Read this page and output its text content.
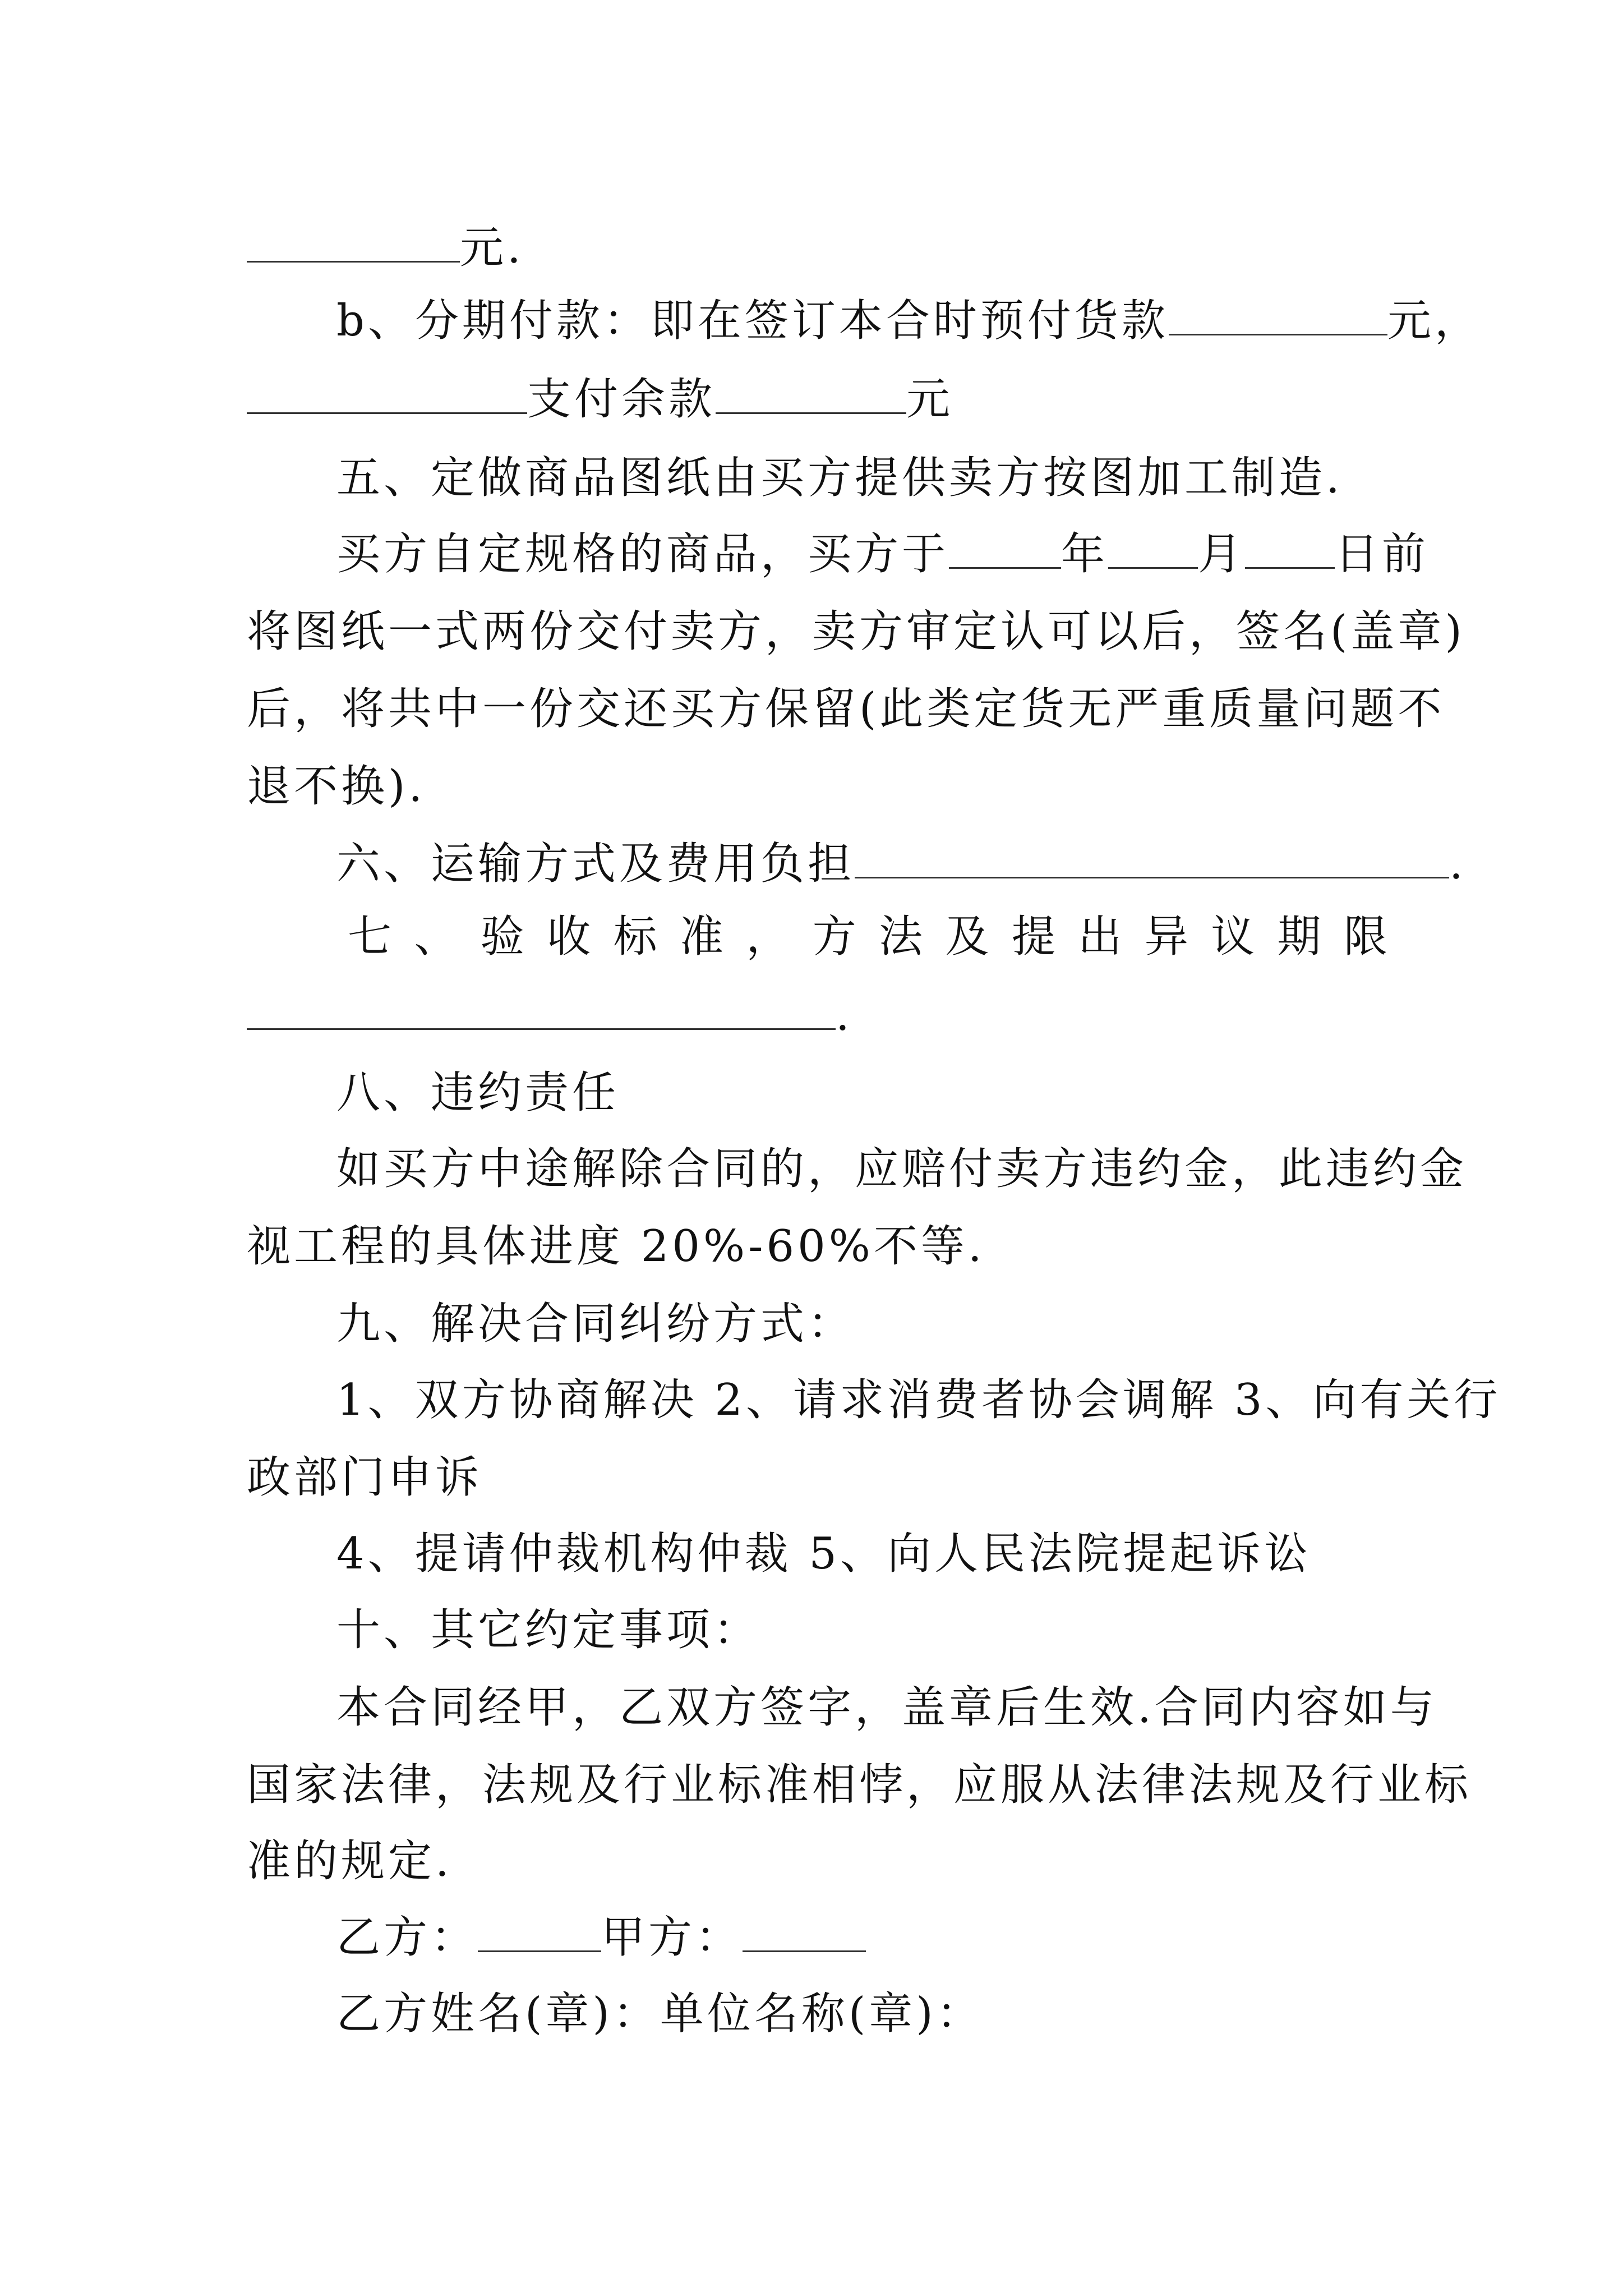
元.
b、分期付款：即在签订本合时预付货款	元，
支付余款	元
五、定做商品图纸由买方提供卖方按图加工制造.
买方自定规格的商品，买方于	年 月 日前
将图纸一式两份交付卖方，卖方审定认可以后，签名(盖章)
后，将共中一份交还买方保留(此类定货无严重质量问题不
退不换).
六、运输方式及费用负担	.
七 、 验 收 标 准 ， 方 法 及 提 出 异 议 期 限
.
八、违约责任
如买方中途解除合同的，应赔付卖方违约金，此违约金
视工程的具体进度 20%-60%不等.
九、解决合同纠纷方式：
1、双方协商解决 2、请求消费者协会调解 3、向有关行
政部门申诉
4、提请仲裁机构仲裁 5、向人民法院提起诉讼
十、其它约定事项：
本合同经甲，乙双方签字，盖章后生效.合同内容如与
国家法律，法规及行业标准相悖，应服从法律法规及行业标
准的规定.
乙方：	甲方：
乙方姓名(章)：单位名称(章)：
